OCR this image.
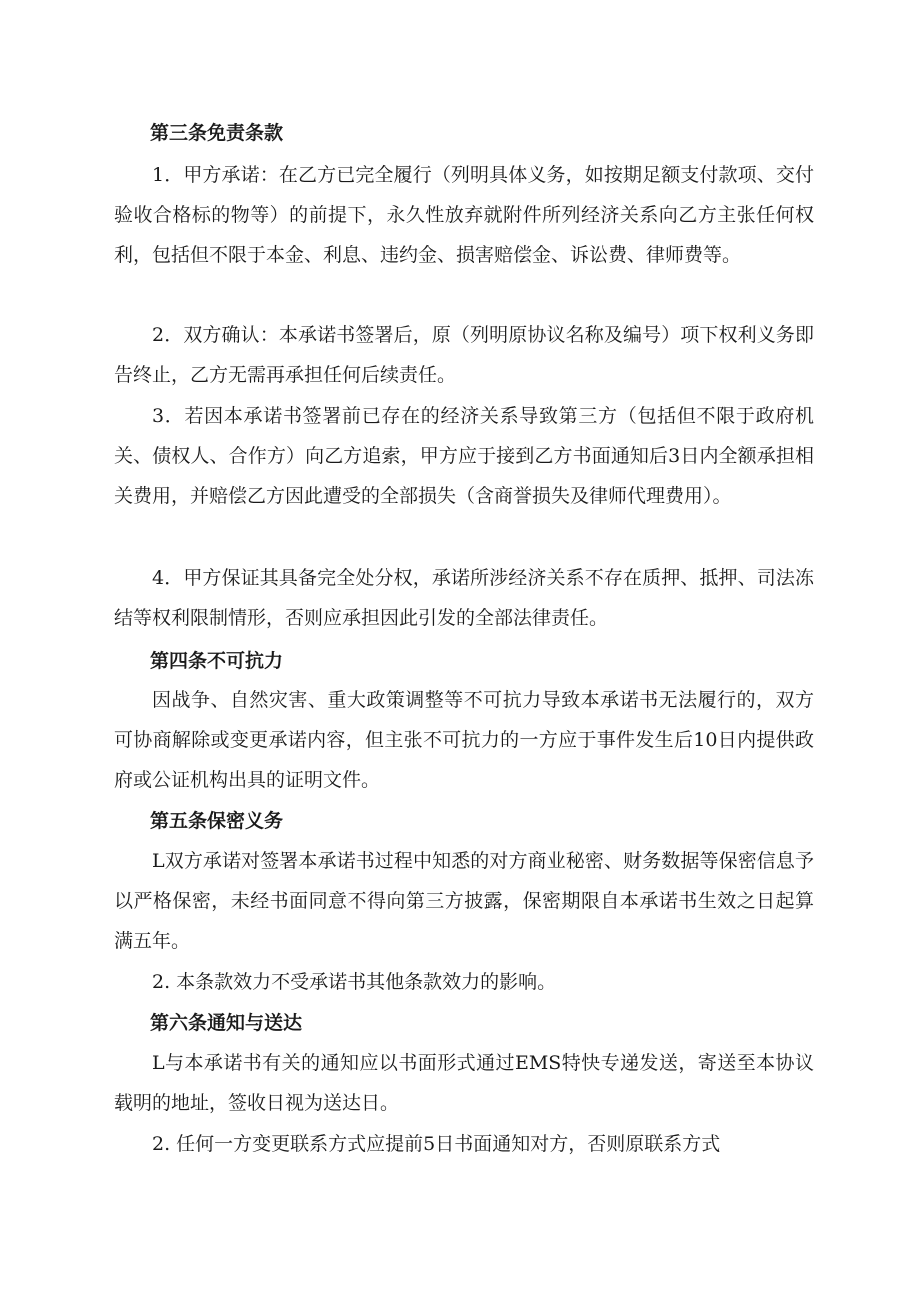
第三条免责条款
1．甲方承诺：在乙方已完全履行（列明具体义务，如按期足额支付款项、交付验收合格标的物等）的前提下，永久性放弃就附件所列经济关系向乙方主张任何权利，包括但不限于本金、利息、违约金、损害赔偿金、诉讼费、律师费等。
2．双方确认：本承诺书签署后，原（列明原协议名称及编号）项下权利义务即告终止，乙方无需再承担任何后续责任。
3．若因本承诺书签署前已存在的经济关系导致第三方（包括但不限于政府机关、债权人、合作方）向乙方追索，甲方应于接到乙方书面通知后3日内全额承担相关费用，并赔偿乙方因此遭受的全部损失（含商誉损失及律师代理费用）。
4．甲方保证其具备完全处分权，承诺所涉经济关系不存在质押、抵押、司法冻结等权利限制情形，否则应承担因此引发的全部法律责任。
第四条不可抗力
因战争、自然灾害、重大政策调整等不可抗力导致本承诺书无法履行的，双方可协商解除或变更承诺内容，但主张不可抗力的一方应于事件发生后10日内提供政府或公证机构出具的证明文件。
第五条保密义务
L双方承诺对签署本承诺书过程中知悉的对方商业秘密、财务数据等保密信息予以严格保密，未经书面同意不得向第三方披露，保密期限自本承诺书生效之日起算满五年。
2. 本条款效力不受承诺书其他条款效力的影响。
第六条通知与送达
L与本承诺书有关的通知应以书面形式通过EMS特快专递发送，寄送至本协议载明的地址，签收日视为送达日。
2. 任何一方变更联系方式应提前5日书面通知对方，否则原联系方式
